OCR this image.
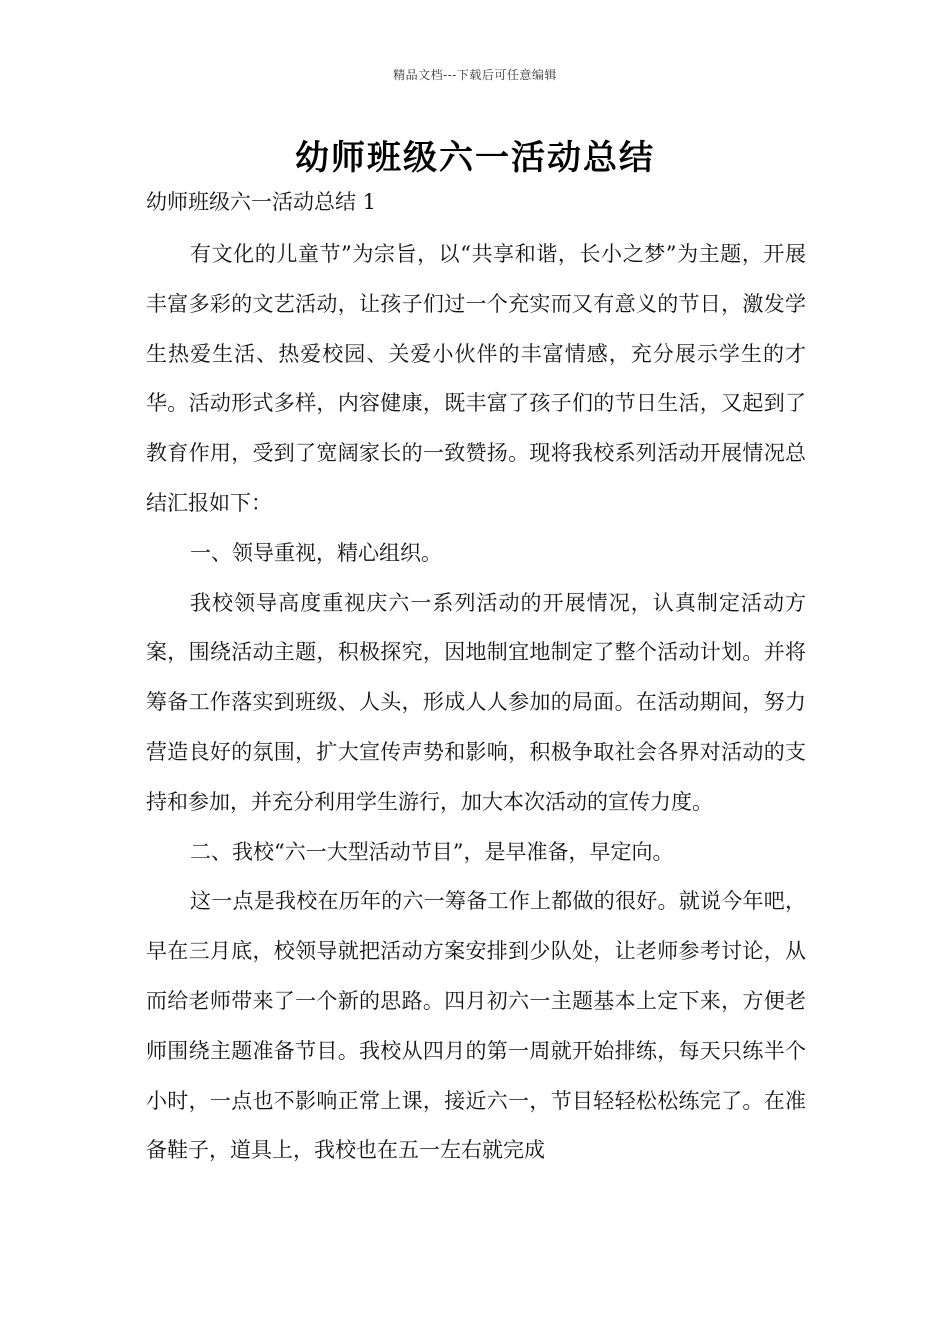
精品文档---下载后可任意编辑
幼师班级六一活动总结
幼师班级六一活动总结 1

有文化的儿童节”为宗旨，以“共享和谐，长小之梦”为主题，开展丰富多彩的文艺活动，让孩子们过一个充实而又有意义的节日，激发学生热爱生活、热爱校园、关爱小伙伴的丰富情感，充分展示学生的才华。活动形式多样，内容健康，既丰富了孩子们的节日生活，又起到了教育作用，受到了宽阔家长的一致赞扬。现将我校系列活动开展情况总结汇报如下：

一、领导重视，精心组织。

我校领导高度重视庆六一系列活动的开展情况，认真制定活动方案，围绕活动主题，积极探究，因地制宜地制定了整个活动计划。并将筹备工作落实到班级、人头，形成人人参加的局面。在活动期间，努力营造良好的氛围，扩大宣传声势和影响，积极争取社会各界对活动的支持和参加，并充分利用学生游行，加大本次活动的宣传力度。

二、我校“六一大型活动节目”，是早准备，早定向。

这一点是我校在历年的六一筹备工作上都做的很好。就说今年吧，早在三月底，校领导就把活动方案安排到少队处，让老师参考讨论，从而给老师带来了一个新的思路。四月初六一主题基本上定下来，方便老师围绕主题准备节目。我校从四月的第一周就开始排练，每天只练半个小时，一点也不影响正常上课，接近六一，节目轻轻松松练完了。在准备鞋子，道具上，我校也在五一左右就完成
